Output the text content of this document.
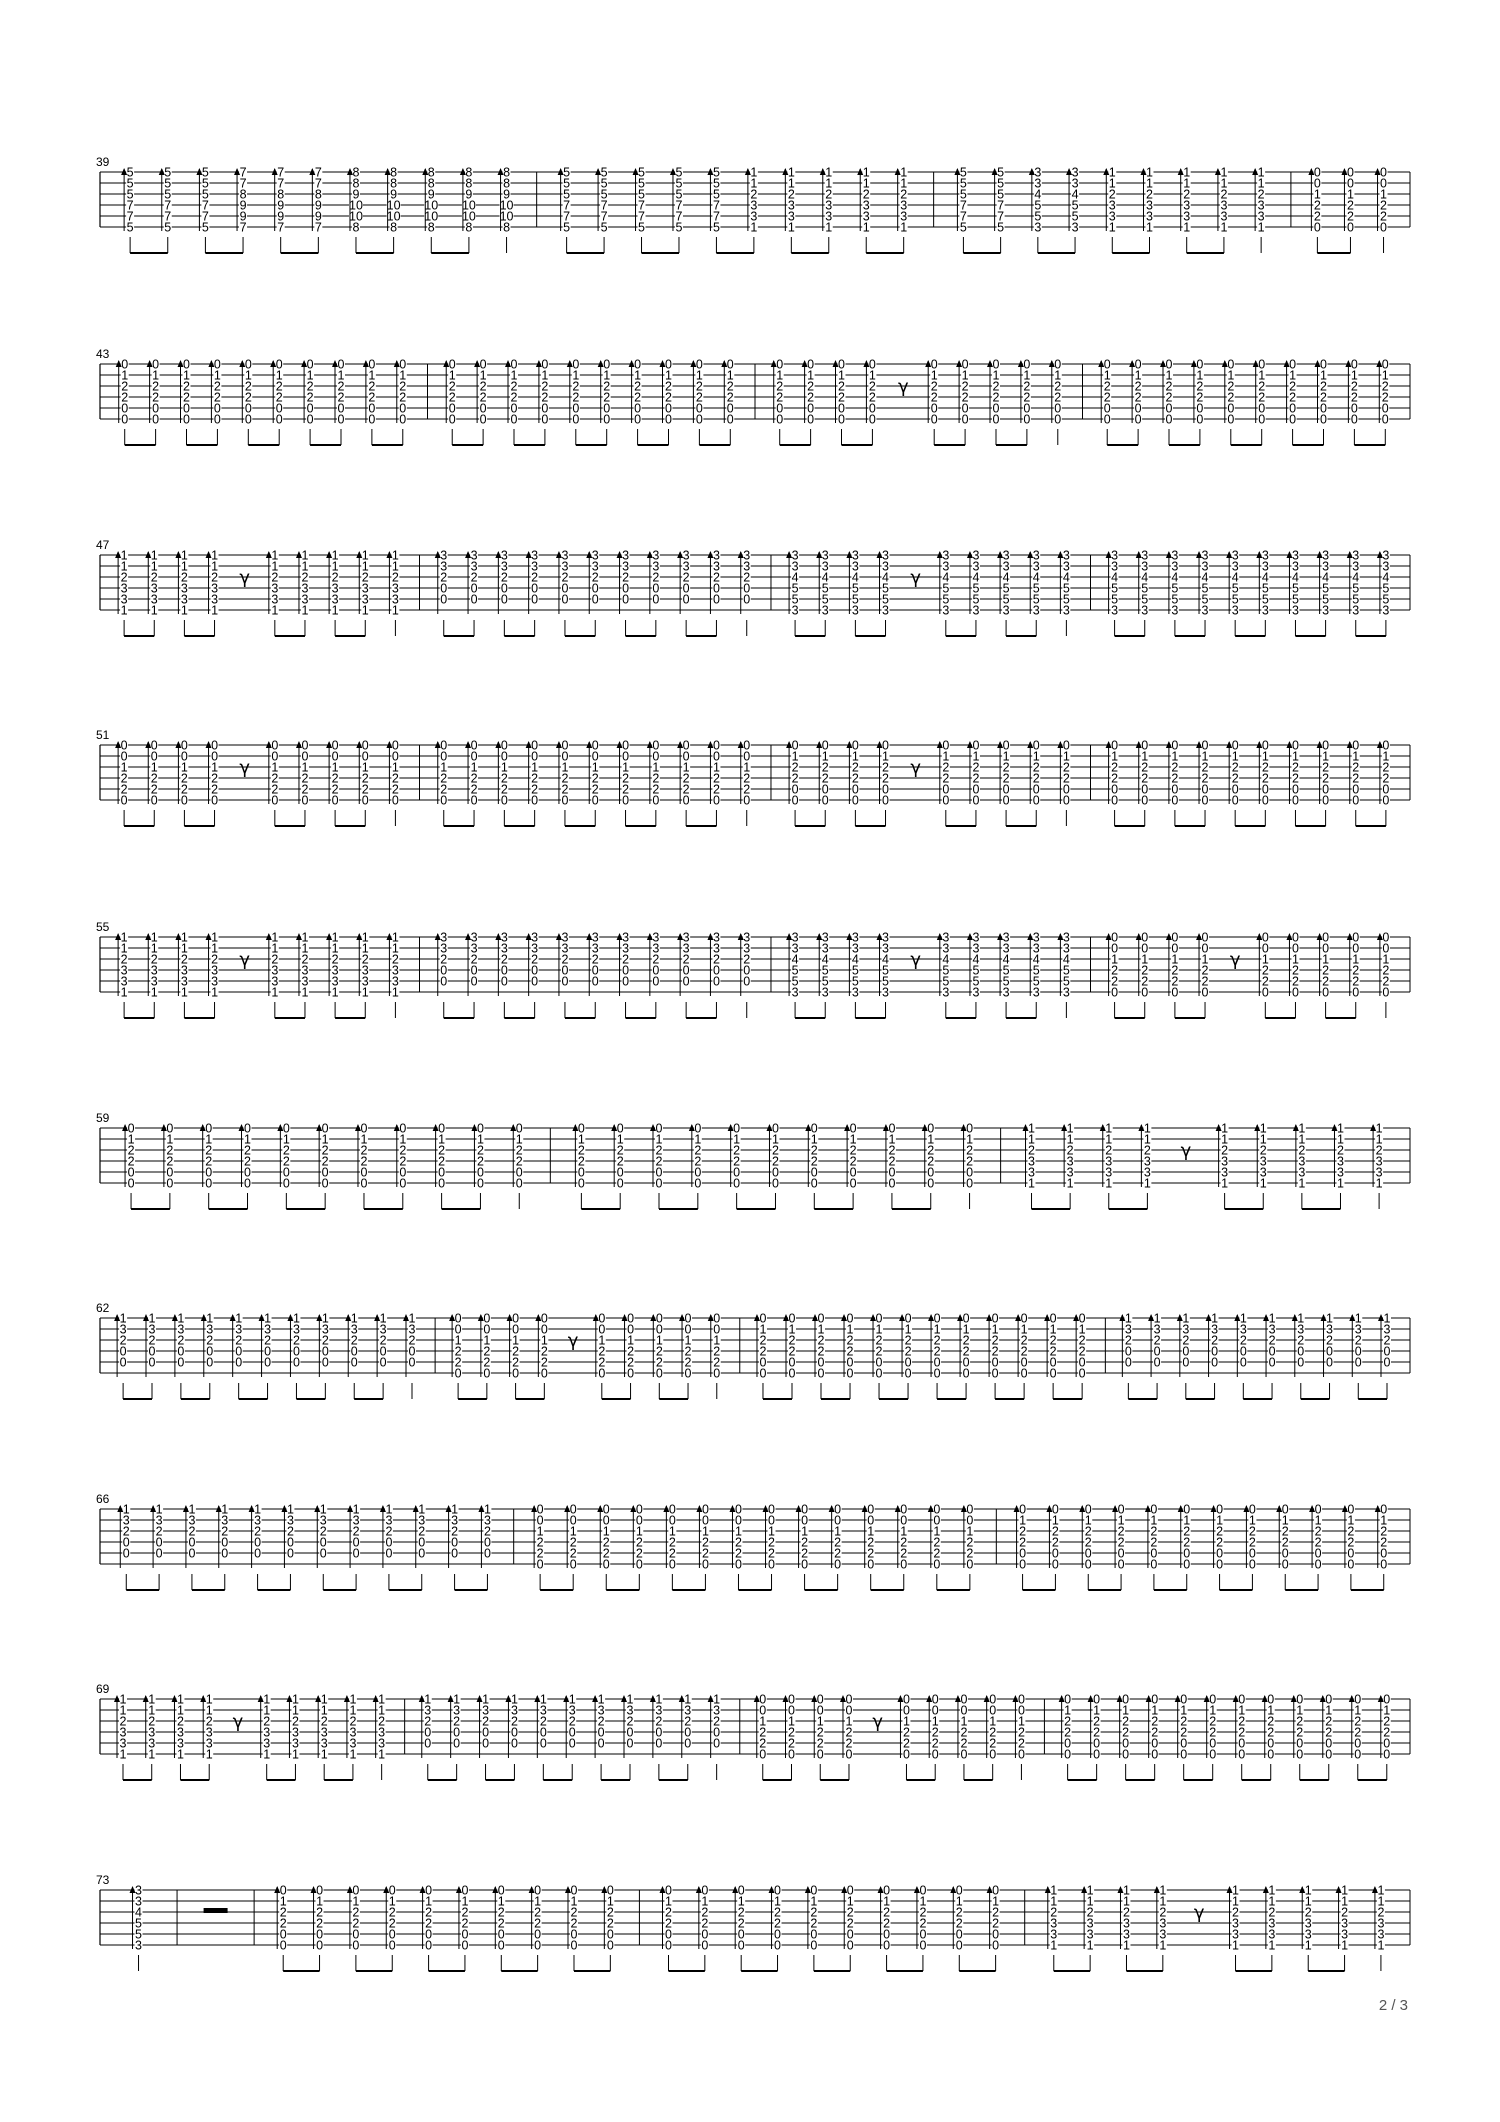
39
5
5
5
7
7
5
5
5
5
7
7
5
5
5
5
7
7
5
7
7
8
9
9
7
7
7
8
9
9
7
7
7
8
9
9
7
8
8
9
10
10
8
8
8
9
10
10
8
8
8
9
10
10
8
8
8
9
10
10
8
8
8
9
10
10
8
5
5
5
7
7
5
5
5
5
7
7
5
5
5
5
7
7
5
5
5
5
7
7
5
5
5
5
7
7
5
1
1
2
3
3
1
1
1
2
3
3
1
1
1
2
3
3
1
1
1
2
3
3
1
1
1
2
3
3
1
5
5
5
7
7
5
5
5
5
7
7
5
3
3
4
5
5
3
3
3
4
5
5
3
1
1
2
3
3
1
1
1
2
3
3
1
1
1
2
3
3
1
1
1
2
3
3
1
1
1
2
3
3
1
0
0
1
2
2
0
0
0
1
2
2
0
0
0
1
2
2
0
43
0
1
2
2
0
0
0
1
2
2
0
0
0
1
2
2
0
0
0
1
2
2
0
0
0
1
2
2
0
0
0
1
2
2
0
0
0
1
2
2
0
0
0
1
2
2
0
0
0
1
2
2
0
0
0
1
2
2
0
0
0
1
2
2
0
0
0
1
2
2
0
0
0
1
2
2
0
0
0
1
2
2
0
0
0
1
2
2
0
0
0
1
2
2
0
0
0
1
2
2
0
0
0
1
2
2
0
0
0
1
2
2
0
0
0
1
2
2
0
0
0
1
2
2
0
0
0
1
2
2
0
0
0
1
2
2
0
0
0
1
2
2
0
0
γ
0
1
2
2
0
0
0
1
2
2
0
0
0
1
2
2
0
0
0
1
2
2
0
0
0
1
2
2
0
0
0
1
2
2
0
0
0
1
2
2
0
0
0
1
2
2
0
0
0
1
2
2
0
0
0
1
2
2
0
0
0
1
2
2
0
0
0
1
2
2
0
0
0
1
2
2
0
0
0
1
2
2
0
0
0
1
2
2
0
0
47
1
1
2
3
3
1
1
1
2
3
3
1
1
1
2
3
3
1
1
1
2
3
3
1
γ
1
1
2
3
3
1
1
1
2
3
3
1
1
1
2
3
3
1
1
1
2
3
3
1
1
1
2
3
3
1
3
3
2
0
0
3
3
2
0
0
3
3
2
0
0
3
3
2
0
0
3
3
2
0
0
3
3
2
0
0
3
3
2
0
0
3
3
2
0
0
3
3
2
0
0
3
3
2
0
0
3
3
2
0
0
3
3
4
5
5
3
3
3
4
5
5
3
3
3
4
5
5
3
3
3
4
5
5
3
γ
3
3
4
5
5
3
3
3
4
5
5
3
3
3
4
5
5
3
3
3
4
5
5
3
3
3
4
5
5
3
3
3
4
5
5
3
3
3
4
5
5
3
3
3
4
5
5
3
3
3
4
5
5
3
3
3
4
5
5
3
3
3
4
5
5
3
3
3
4
5
5
3
3
3
4
5
5
3
3
3
4
5
5
3
3
3
4
5
5
3
51
0
0
1
2
2
0
0
0
1
2
2
0
0
0
1
2
2
0
0
0
1
2
2
0
γ
0
0
1
2
2
0
0
0
1
2
2
0
0
0
1
2
2
0
0
0
1
2
2
0
0
0
1
2
2
0
0
0
1
2
2
0
0
0
1
2
2
0
0
0
1
2
2
0
0
0
1
2
2
0
0
0
1
2
2
0
0
0
1
2
2
0
0
0
1
2
2
0
0
0
1
2
2
0
0
0
1
2
2
0
0
0
1
2
2
0
0
0
1
2
2
0
0
1
2
2
0
0
0
1
2
2
0
0
0
1
2
2
0
0
0
1
2
2
0
0
γ
0
1
2
2
0
0
0
1
2
2
0
0
0
1
2
2
0
0
0
1
2
2
0
0
0
1
2
2
0
0
0
1
2
2
0
0
0
1
2
2
0
0
0
1
2
2
0
0
0
1
2
2
0
0
0
1
2
2
0
0
0
1
2
2
0
0
0
1
2
2
0
0
0
1
2
2
0
0
0
1
2
2
0
0
0
1
2
2
0
0
55
1
1
2
3
3
1
1
1
2
3
3
1
1
1
2
3
3
1
1
1
2
3
3
1
γ
1
1
2
3
3
1
1
1
2
3
3
1
1
1
2
3
3
1
1
1
2
3
3
1
1
1
2
3
3
1
3
3
2
0
0
3
3
2
0
0
3
3
2
0
0
3
3
2
0
0
3
3
2
0
0
3
3
2
0
0
3
3
2
0
0
3
3
2
0
0
3
3
2
0
0
3
3
2
0
0
3
3
2
0
0
3
3
4
5
5
3
3
3
4
5
5
3
3
3
4
5
5
3
3
3
4
5
5
3
γ
3
3
4
5
5
3
3
3
4
5
5
3
3
3
4
5
5
3
3
3
4
5
5
3
3
3
4
5
5
3
0
0
1
2
2
0
0
0
1
2
2
0
0
0
1
2
2
0
0
0
1
2
2
0
γ
0
0
1
2
2
0
0
0
1
2
2
0
0
0
1
2
2
0
0
0
1
2
2
0
0
0
1
2
2
0
59
0
1
2
2
0
0
0
1
2
2
0
0
0
1
2
2
0
0
0
1
2
2
0
0
0
1
2
2
0
0
0
1
2
2
0
0
0
1
2
2
0
0
0
1
2
2
0
0
0
1
2
2
0
0
0
1
2
2
0
0
0
1
2
2
0
0
0
1
2
2
0
0
0
1
2
2
0
0
0
1
2
2
0
0
0
1
2
2
0
0
0
1
2
2
0
0
0
1
2
2
0
0
0
1
2
2
0
0
0
1
2
2
0
0
0
1
2
2
0
0
0
1
2
2
0
0
0
1
2
2
0
0
1
1
2
3
3
1
1
1
2
3
3
1
1
1
2
3
3
1
1
1
2
3
3
1
γ
1
1
2
3
3
1
1
1
2
3
3
1
1
1
2
3
3
1
1
1
2
3
3
1
1
1
2
3
3
1
62
1
3
2
0
0
1
3
2
0
0
1
3
2
0
0
1
3
2
0
0
1
3
2
0
0
1
3
2
0
0
1
3
2
0
0
1
3
2
0
0
1
3
2
0
0
1
3
2
0
0
1
3
2
0
0
0
0
1
2
2
0
0
0
1
2
2
0
0
0
1
2
2
0
0
0
1
2
2
0
γ
0
0
1
2
2
0
0
0
1
2
2
0
0
0
1
2
2
0
0
0
1
2
2
0
0
0
1
2
2
0
0
1
2
2
0
0
0
1
2
2
0
0
0
1
2
2
0
0
0
1
2
2
0
0
0
1
2
2
0
0
0
1
2
2
0
0
0
1
2
2
0
0
0
1
2
2
0
0
0
1
2
2
0
0
0
1
2
2
0
0
0
1
2
2
0
0
0
1
2
2
0
0
1
3
2
0
0
1
3
2
0
0
1
3
2
0
0
1
3
2
0
0
1
3
2
0
0
1
3
2
0
0
1
3
2
0
0
1
3
2
0
0
1
3
2
0
0
1
3
2
0
0
66
1
3
2
0
0
1
3
2
0
0
1
3
2
0
0
1
3
2
0
0
1
3
2
0
0
1
3
2
0
0
1
3
2
0
0
1
3
2
0
0
1
3
2
0
0
1
3
2
0
0
1
3
2
0
0
1
3
2
0
0
0
0
1
2
2
0
0
0
1
2
2
0
0
0
1
2
2
0
0
0
1
2
2
0
0
0
1
2
2
0
0
0
1
2
2
0
0
0
1
2
2
0
0
0
1
2
2
0
0
0
1
2
2
0
0
0
1
2
2
0
0
0
1
2
2
0
0
0
1
2
2
0
0
0
1
2
2
0
0
0
1
2
2
0
0
1
2
2
0
0
0
1
2
2
0
0
0
1
2
2
0
0
0
1
2
2
0
0
0
1
2
2
0
0
0
1
2
2
0
0
0
1
2
2
0
0
0
1
2
2
0
0
0
1
2
2
0
0
0
1
2
2
0
0
0
1
2
2
0
0
0
1
2
2
0
0
69
1
1
2
3
3
1
1
1
2
3
3
1
1
1
2
3
3
1
1
1
2
3
3
1
γ
1
1
2
3
3
1
1
1
2
3
3
1
1
1
2
3
3
1
1
1
2
3
3
1
1
1
2
3
3
1
1
3
2
0
0
1
3
2
0
0
1
3
2
0
0
1
3
2
0
0
1
3
2
0
0
1
3
2
0
0
1
3
2
0
0
1
3
2
0
0
1
3
2
0
0
1
3
2
0
0
1
3
2
0
0
0
0
1
2
2
0
0
0
1
2
2
0
0
0
1
2
2
0
0
0
1
2
2
0
γ
0
0
1
2
2
0
0
0
1
2
2
0
0
0
1
2
2
0
0
0
1
2
2
0
0
0
1
2
2
0
0
1
2
2
0
0
0
1
2
2
0
0
0
1
2
2
0
0
0
1
2
2
0
0
0
1
2
2
0
0
0
1
2
2
0
0
0
1
2
2
0
0
0
1
2
2
0
0
0
1
2
2
0
0
0
1
2
2
0
0
0
1
2
2
0
0
0
1
2
2
0
0
73
3
3
4
5
5
3
0
1
2
2
0
0
0
1
2
2
0
0
0
1
2
2
0
0
0
1
2
2
0
0
0
1
2
2
0
0
0
1
2
2
0
0
0
1
2
2
0
0
0
1
2
2
0
0
0
1
2
2
0
0
0
1
2
2
0
0
0
1
2
2
0
0
0
1
2
2
0
0
0
1
2
2
0
0
0
1
2
2
0
0
0
1
2
2
0
0
0
1
2
2
0
0
0
1
2
2
0
0
0
1
2
2
0
0
0
1
2
2
0
0
0
1
2
2
0
0
1
1
2
3
3
1
1
1
2
3
3
1
1
1
2
3
3
1
1
1
2
3
3
1
γ
1
1
2
3
3
1
1
1
2
3
3
1
1
1
2
3
3
1
1
1
2
3
3
1
1
1
2
3
3
1
2 / 3
